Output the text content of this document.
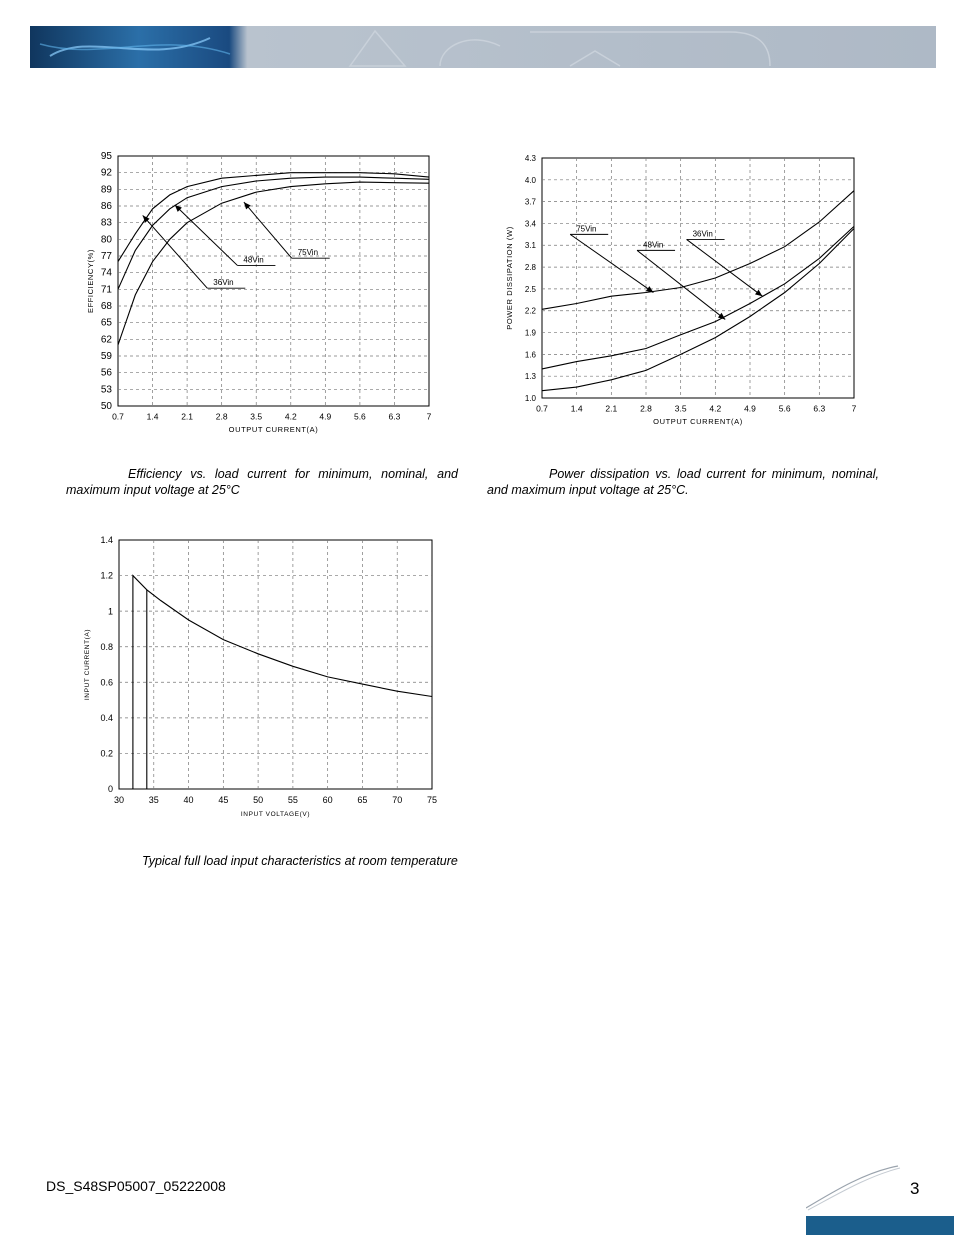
0.7	1.4	2.1	2.8	3.5	4.2	4.9	5.6	6.3	7
50
53
56
59
62
65
68
71
74
77
80
83
86
89
92
95
OUTPUT CURRENT(A)
EFFICIENCY(%)	36Vin
48Vin
75Vin
Efficiency vs. load current for minimum, nominal, and maximum input voltage at 25°C
0.7	1.4	2.1	2.8	3.5	4.2	4.9	5.6	6.3	7
1.0
1.3
1.6
1.9
2.2
2.5
2.8
3.1
3.4
3.7
4.0
4.3
OUTPUT CURRENT(A)
POWER DISSIPATION (W)	75Vin
48Vin
36Vin
Power dissipation vs. load current for minimum, nominal, and maximum input voltage at 25°C.
30	35	40	45	50	55	60	65	70	75
0
0.2
0.4
0.6
0.8
1
1.2
1.4
INPUT VOLTAGE(V)
INPUT CURRENT(A)
Typical full load input characteristics at room temperature
DS_S48SP05007_05222008	3
